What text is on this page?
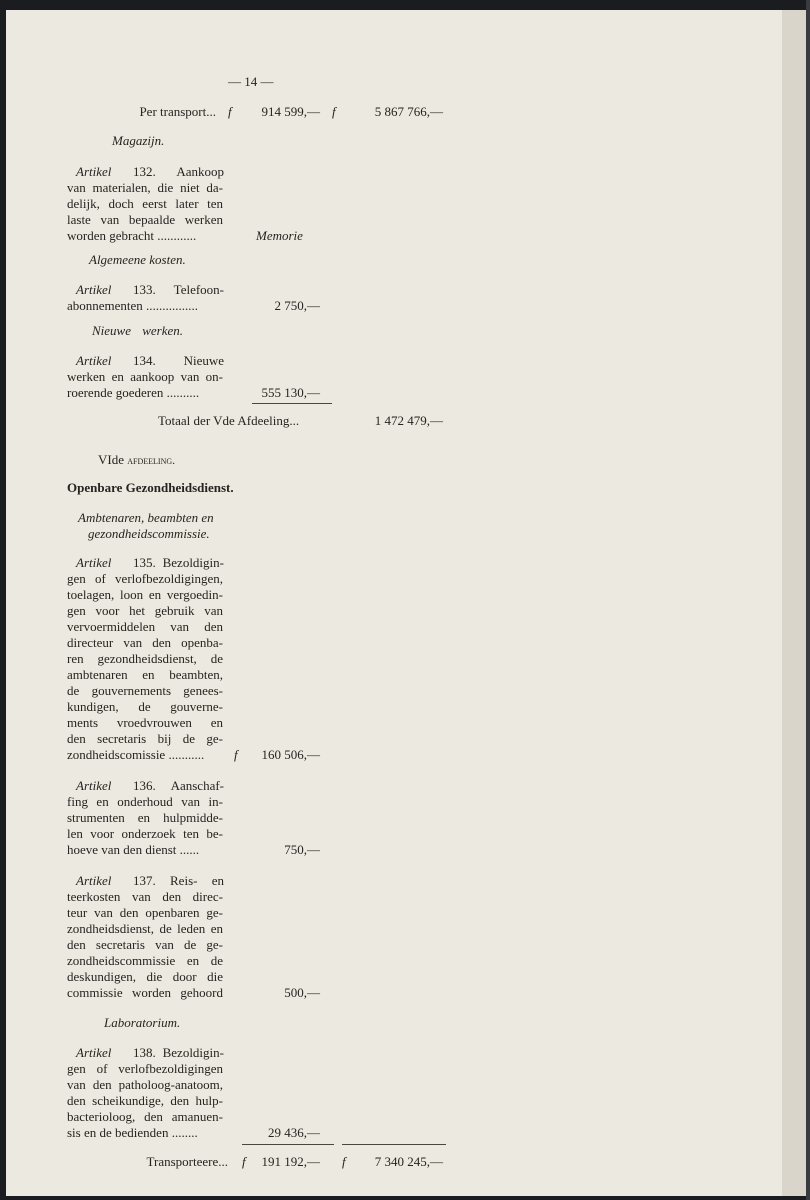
— 14 —
Per transport... f	914 599,— f	5 867 766,—
Magazijn.
Artikel 132. Aankoop
van materialen, die niet da-
delijk, doch eerst later ten
laste van bepaalde werken
worden gebracht ............	Memorie
Algemeene kosten.
Artikel 133. Telefoon-
abonnementen ................	2 750,—
Nieuwe werken.
Artikel 134. Nieuwe
werken en aankoop van on-
roerende goederen ..........	555 130,—
Totaal der Vde Afdeeling...	1 472 479,—
VIde afdeeling.
Openbare Gezondheidsdienst.
Ambtenaren, beambten en
gezondheidscommissie.
Artikel 135. Bezoldigin-
gen of verlofbezoldigingen,
toelagen, loon en vergoedin-
gen voor het gebruik van
vervoermiddelen van den
directeur van den openba-
ren gezondheidsdienst, de
ambtenaren en beambten,
de gouvernements genees-
kundigen, de gouverne-
ments vroedvrouwen en
den secretaris bij de ge-
zondheidscomissie ........... f	160 506,—
Artikel 136. Aanschaf-
fing en onderhoud van in-
strumenten en hulpmidde-
len voor onderzoek ten be-
hoeve van den dienst ......	750,—
Artikel 137. Reis- en
teerkosten van den direc-
teur van den openbaren ge-
zondheidsdienst, de leden en
den secretaris van de ge-
zondheidscommissie en de
deskundigen, die door die
commissie worden gehoord	500,—
Laboratorium.
Artikel 138. Bezoldigin-
gen of verlofbezoldigingen
van den patholoog-anatoom,
den scheikundige, den hulp-
bacterioloog, den amanuen-
sis en de bedienden ........	29 436,—
Transporteere... f	191 192,— f	7 340 245,—
